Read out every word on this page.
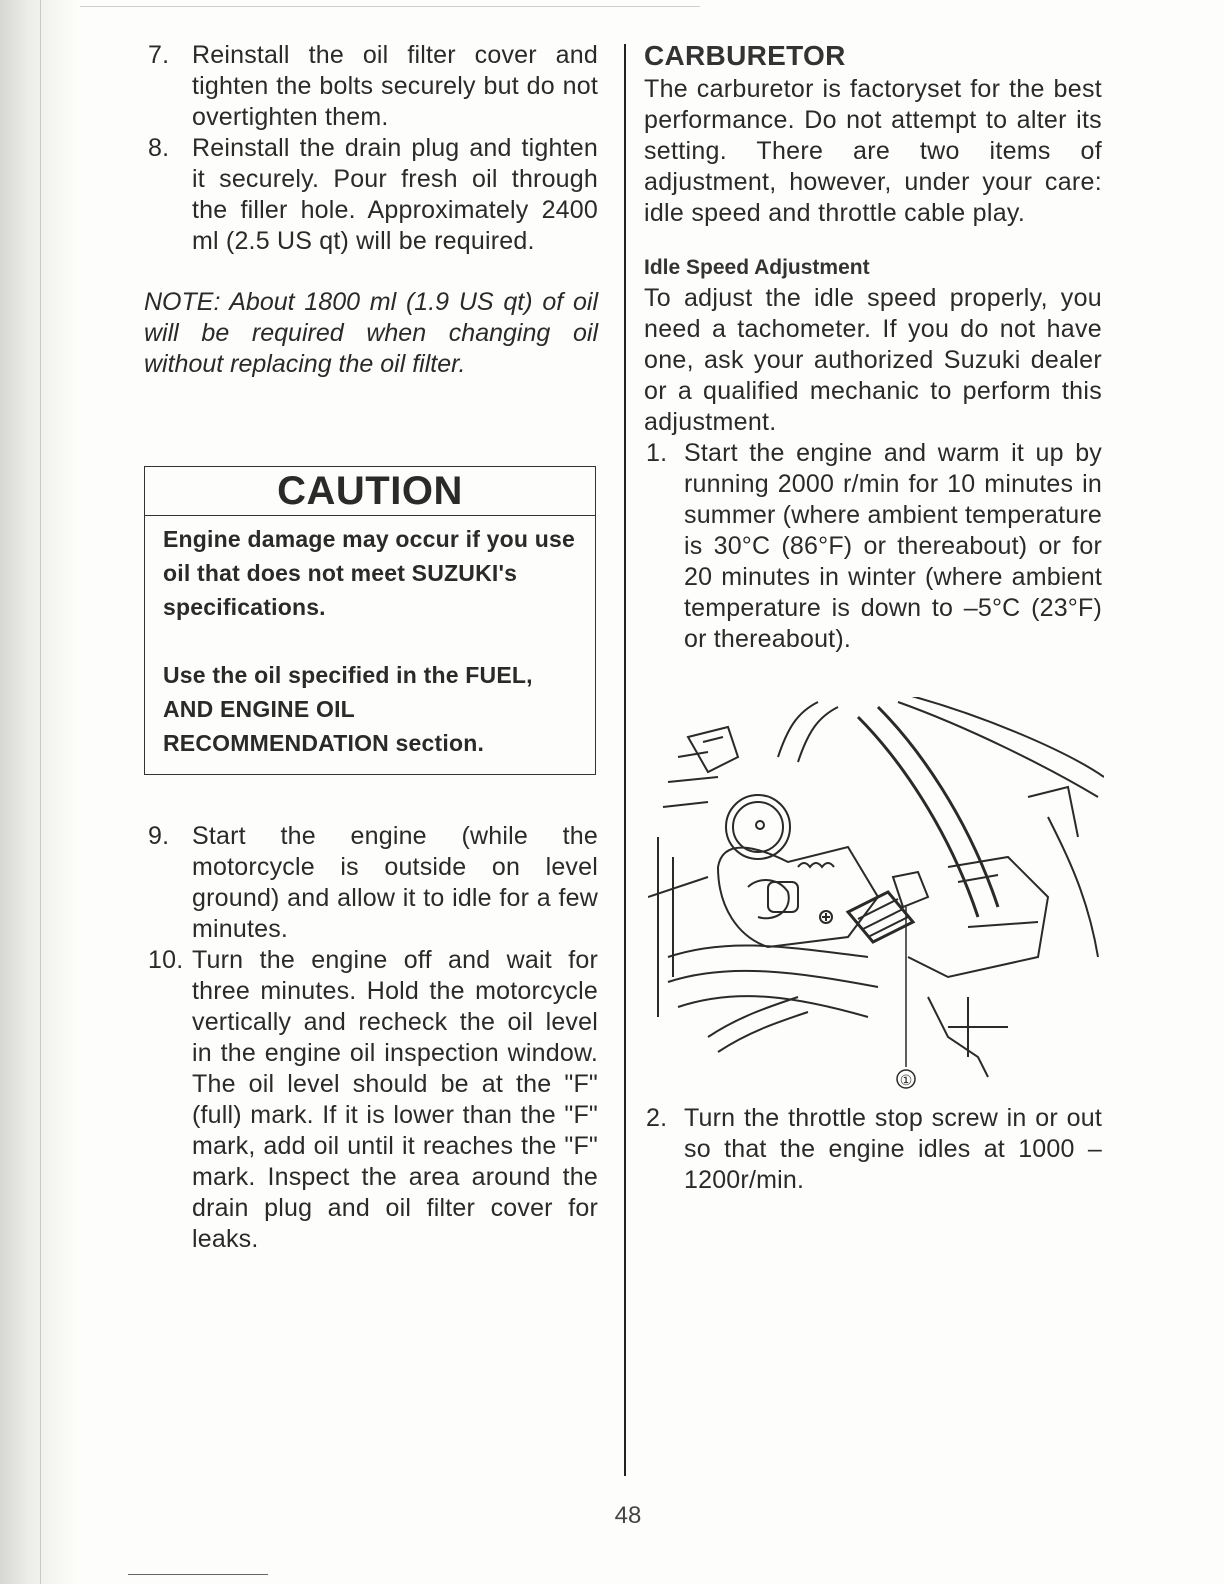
7. Reinstall the oil filter cover and tighten the bolts securely but do not overtighten them.
8. Reinstall the drain plug and tighten it securely. Pour fresh oil through the filler hole. Approximately 2400 ml (2.5 US qt) will be required.

NOTE: About 1800 ml (1.9 US qt) of oil will be required when changing oil without replacing the oil filter.

CAUTION

Engine damage may occur if you use oil that does not meet SUZUKI's specifications.

Use the oil specified in the FUEL, AND ENGINE OIL RECOMMENDATION section.

9. Start the engine (while the motorcycle is outside on level ground) and allow it to idle for a few minutes.
10. Turn the engine off and wait for three minutes. Hold the motorcycle vertically and recheck the oil level in the engine oil inspection window. The oil level should be at the "F" (full) mark. If it is lower than the "F" mark, add oil until it reaches the "F" mark. Inspect the area around the drain plug and oil filter cover for leaks.
CARBURETOR

The carburetor is factoryset for the best performance. Do not attempt to alter its setting. There are two items of adjustment, however, under your care: idle speed and throttle cable play.

Idle Speed Adjustment

To adjust the idle speed properly, you need a tachometer. If you do not have one, ask your authorized Suzuki dealer or a qualified mechanic to perform this adjustment.

1. Start the engine and warm it up by running 2000 r/min for 10 minutes in summer (where ambient temperature is 30°C (86°F) or thereabout) or for 20 minutes in winter (where ambient temperature is down to –5°C (23°F) or thereabout).
①
2. Turn the throttle stop screw in or out so that the engine idles at 1000 – 1200r/min.
48
